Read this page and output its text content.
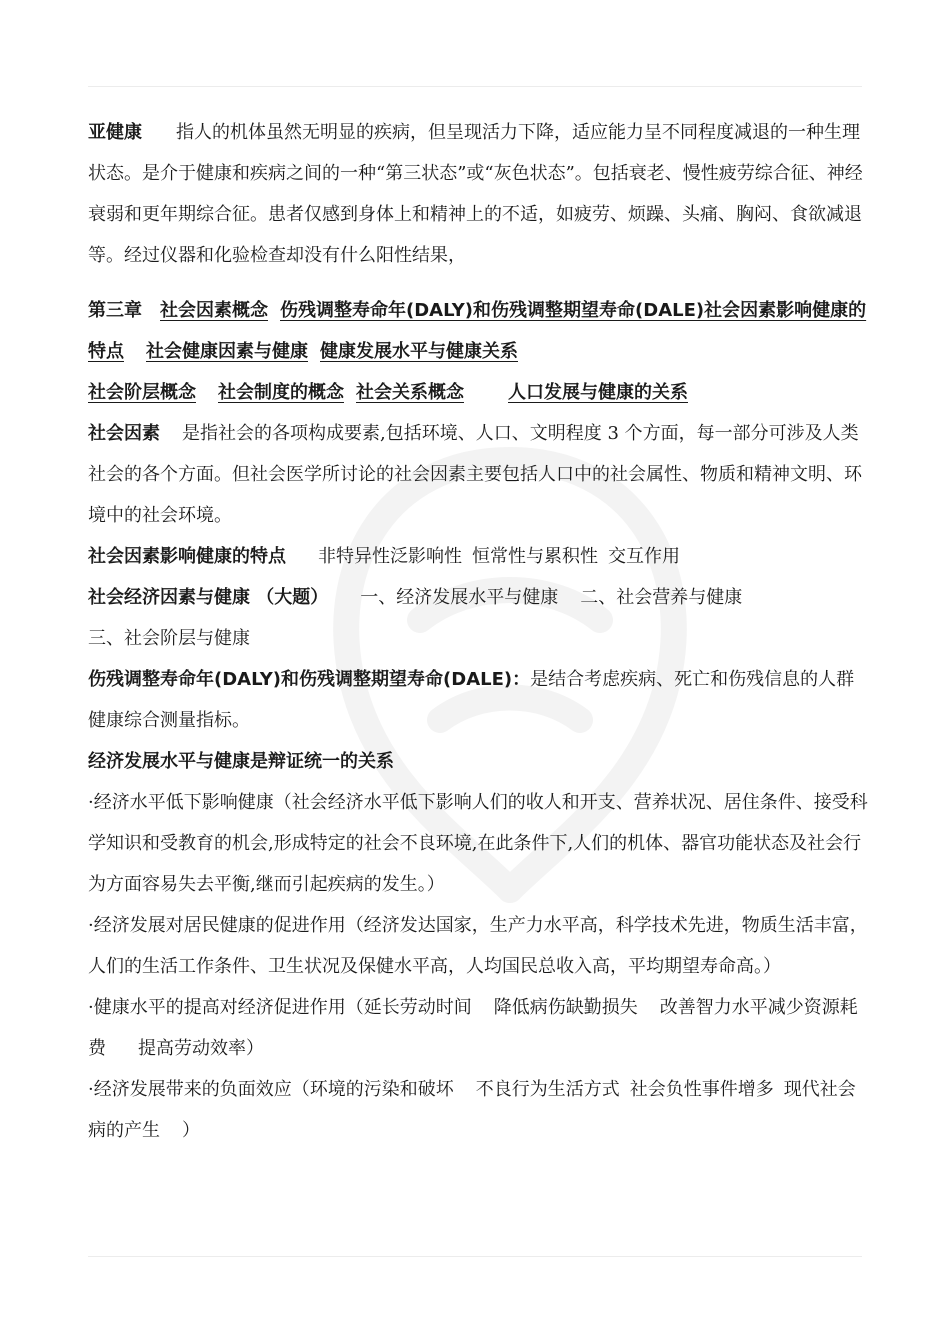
亚健康 指人的机体虽然无明显的疾病，但呈现活力下降，适应能力呈不同程度减退的一种生理状态。是介于健康和疾病之间的一种“第三状态”或“灰色状态”。包括衰老、慢性疲劳综合征、神经衰弱和更年期综合征。患者仅感到身体上和精神上的不适，如疲劳、烦躁、头痛、胸闷、食欲减退等。经过仪器和化验检查却没有什么阳性结果，

第三章 社会因素概念 伤残调整寿命年(DALY)和伤残调整期望寿命(DALE)社会因素影响健康的特点 社会健康因素与健康 健康发展水平与健康关系
社会阶层概念 社会制度的概念 社会关系概念 人口发展与健康的关系

社会因素 是指社会的各项构成要素,包括环境、人口、文明程度 3 个方面，每一部分可涉及人类社会的各个方面。但社会医学所讨论的社会因素主要包括人口中的社会属性、物质和精神文明、环境中的社会环境。

社会因素影响健康的特点 非特异性泛影响性 恒常性与累积性 交互作用

社会经济因素与健康 （大题） 一、经济发展水平与健康 二、社会营养与健康
三、社会阶层与健康

伤残调整寿命年(DALY)和伤残调整期望寿命(DALE)：是结合考虑疾病、死亡和伤残信息的人群健康综合测量指标。

经济发展水平与健康是辩证统一的关系

·经济水平低下影响健康（社会经济水平低下影响人们的收人和开支、营养状况、居住条件、接受科学知识和受教育的机会,形成特定的社会不良环境,在此条件下,人们的机体、器官功能状态及社会行为方面容易失去平衡,继而引起疾病的发生。）

·经济发展对居民健康的促进作用（经济发达国家，生产力水平高，科学技术先进，物质生活丰富，人们的生活工作条件、卫生状况及保健水平高，人均国民总收入高，平均期望寿命高。）

·健康水平的提高对经济促进作用（延长劳动时间 降低病伤缺勤损失 改善智力水平减少资源耗费 提高劳动效率）

·经济发展带来的负面效应（环境的污染和破坏 不良行为生活方式 社会负性事件增多 现代社会病的产生 ）
